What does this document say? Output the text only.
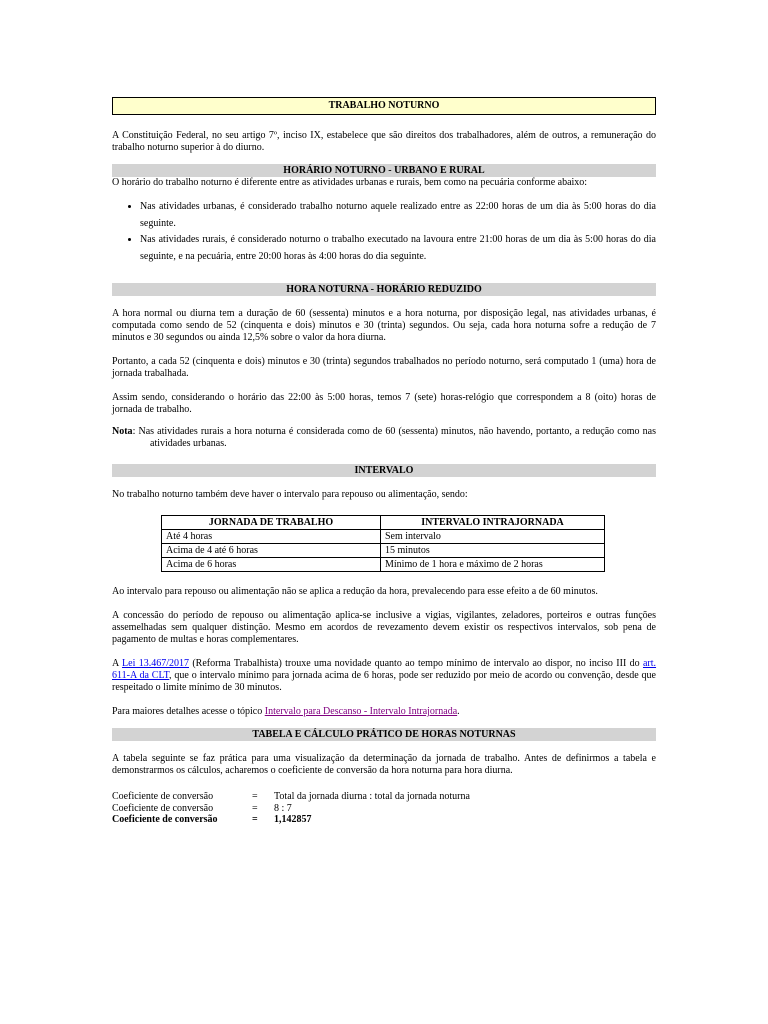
TRABALHO NOTURNO

A Constituição Federal, no seu artigo 7º, inciso IX, estabelece que são direitos dos trabalhadores, além de outros, a remuneração do trabalho noturno superior à do diurno.

HORÁRIO NOTURNO - URBANO E RURAL

O horário do trabalho noturno é diferente entre as atividades urbanas e rurais, bem como na pecuária conforme abaixo:

• Nas atividades urbanas, é considerado trabalho noturno aquele realizado entre as 22:00 horas de um dia às 5:00 horas do dia seguinte.
• Nas atividades rurais, é considerado noturno o trabalho executado na lavoura entre 21:00 horas de um dia às 5:00 horas do dia seguinte, e na pecuária, entre 20:00 horas às 4:00 horas do dia seguinte.
HORA NOTURNA - HORÁRIO REDUZIDO

A hora normal ou diurna tem a duração de 60 (sessenta) minutos e a hora noturna, por disposição legal, nas atividades urbanas, é computada como sendo de 52 (cinquenta e dois) minutos e 30 (trinta) segundos. Ou seja, cada hora noturna sofre a redução de 7 minutos e 30 segundos ou ainda 12,5% sobre o valor da hora diurna.

Portanto, a cada 52 (cinquenta e dois) minutos e 30 (trinta) segundos trabalhados no período noturno, será computado 1 (uma) hora de jornada trabalhada.

Assim sendo, considerando o horário das 22:00 às 5:00 horas, temos 7 (sete) horas-relógio que correspondem a 8 (oito) horas de jornada de trabalho.

Nota: Nas atividades rurais a hora noturna é considerada como de 60 (sessenta) minutos, não havendo, portanto, a redução como nas atividades urbanas.

INTERVALO

No trabalho noturno também deve haver o intervalo para repouso ou alimentação, sendo:

JORNADA DE TRABALHO	INTERVALO INTRAJORNADA
Até 4 horas	Sem intervalo
Acima de 4 até 6 horas	15 minutos
Acima de 6 horas	Mínimo de 1 hora e máximo de 2 horas

Ao intervalo para repouso ou alimentação não se aplica a redução da hora, prevalecendo para esse efeito a de 60 minutos.

A concessão do período de repouso ou alimentação aplica-se inclusive a vigias, vigilantes, zeladores, porteiros e outras funções assemelhadas sem qualquer distinção. Mesmo em acordos de revezamento devem existir os respectivos intervalos, sob pena de pagamento de multas e horas complementares.

A Lei 13.467/2017 (Reforma Trabalhista) trouxe uma novidade quanto ao tempo mínimo de intervalo ao dispor, no inciso III do art. 611-A da CLT, que o intervalo mínimo para jornada acima de 6 horas, pode ser reduzido por meio de acordo ou convenção, desde que respeitado o limite mínimo de 30 minutos.

Para maiores detalhes acesse o tópico Intervalo para Descanso - Intervalo Intrajornada.

TABELA E CÁLCULO PRÁTICO DE HORAS NOTURNAS

A tabela seguinte se faz prática para uma visualização da determinação da jornada de trabalho. Antes de definirmos a tabela e demonstrarmos os cálculos, acharemos o coeficiente de conversão da hora noturna para hora diurna.

Coeficiente de conversão	= Total da jornada diurna : total da jornada noturna
Coeficiente de conversão	= 8 : 7
Coeficiente de conversão	= 1,142857
